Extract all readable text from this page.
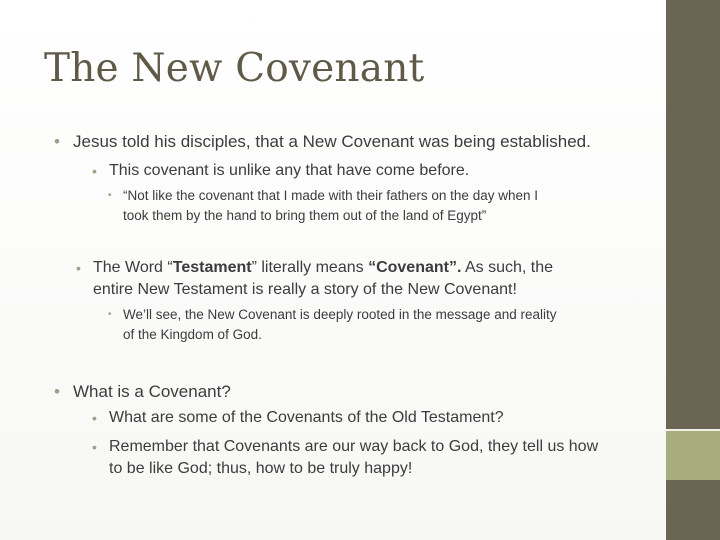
The New Covenant
• Jesus told his disciples, that a New Covenant was being established.
• This covenant is unlike any that have come before.
• “Not like the covenant that I made with their fathers on the day when I
took them by the hand to bring them out of the land of Egypt”
• The Word “Testament” literally means “Covenant”. As such, the
entire New Testament is really a story of the New Covenant!
• We’ll see, the New Covenant is deeply rooted in the message and reality
of the Kingdom of God.
• What is a Covenant?
• What are some of the Covenants of the Old Testament?
• Remember that Covenants are our way back to God, they tell us how
to be like God; thus, how to be truly happy!
